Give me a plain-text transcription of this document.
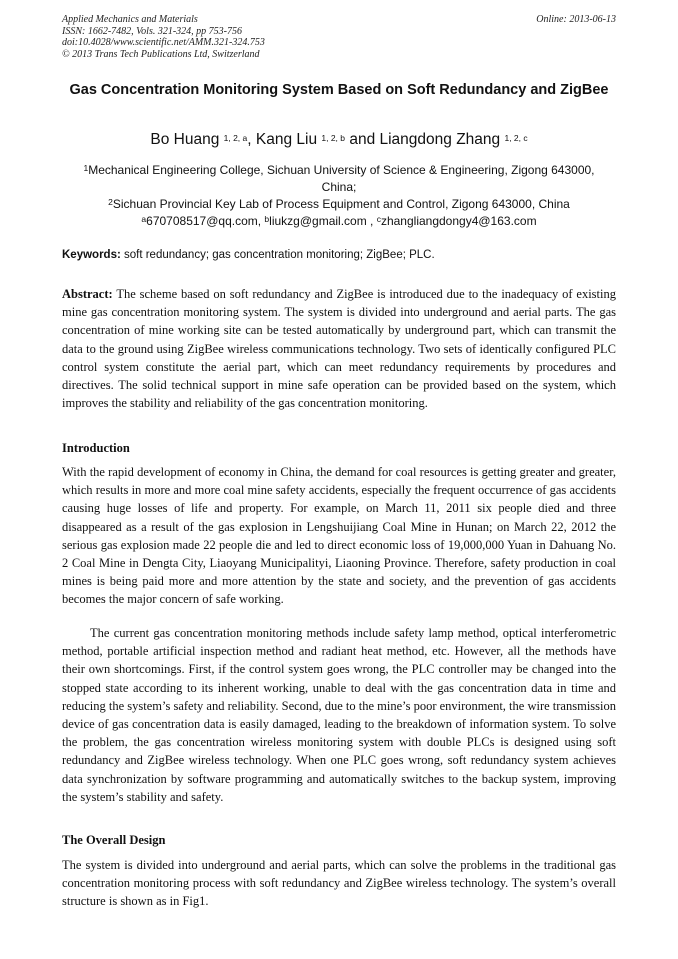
Applied Mechanics and Materials
ISSN: 1662-7482, Vols. 321-324, pp 753-756
doi:10.4028/www.scientific.net/AMM.321-324.753
© 2013 Trans Tech Publications Ltd, Switzerland
Online: 2013-06-13
Gas Concentration Monitoring System Based on Soft Redundancy and ZigBee
Bo Huang $^{1, 2, a}$, Kang Liu $^{1, 2, b}$ and Liangdong Zhang $^{1, 2, c}$
$^1$Mechanical Engineering College, Sichuan University of Science & Engineering, Zigong 643000,
China;
$^2$Sichuan Provincial Key Lab of Process Equipment and Control, Zigong 643000, China
$^a$670708517@qq.com, $^b$liukzg@gmail.com , $^c$zhangliangdongy4@163.com
Keywords: soft redundancy; gas concentration monitoring; ZigBee; PLC.

Abstract: The scheme based on soft redundancy and ZigBee is introduced due to the inadequacy of existing mine gas concentration monitoring system. The system is divided into underground and aerial parts. The gas concentration of mine working site can be tested automatically by underground part, which can transmit the data to the ground using ZigBee wireless communications technology. Two sets of identically configured PLC control system constitute the aerial part, which can meet redundancy requirements by procedures and directives. The solid technical support in mine safe operation can be provided based on the system, which improves the stability and reliability of the gas concentration monitoring.

Introduction

With the rapid development of economy in China, the demand for coal resources is getting greater and greater, which results in more and more coal mine safety accidents, especially the frequent occurrence of gas accidents causing huge losses of life and property. For example, on March 11, 2011 six people died and three disappeared as a result of the gas explosion in Lengshuijiang Coal Mine in Hunan; on March 22, 2012 the serious gas explosion made 22 people die and led to direct economic loss of 19,000,000 Yuan in Dahuang No. 2 Coal Mine in Dengta City, Liaoyang Municipalityi, Liaoning Province. Therefore, safety production in coal mines is being paid more and more attention by the state and society, and the prevention of gas accidents becomes the major concern of safe working.

The current gas concentration monitoring methods include safety lamp method, optical interferometric method, portable artificial inspection method and radiant heat method, etc. However, all the methods have their own shortcomings. First, if the control system goes wrong, the PLC controller may be changed into the stopped state according to its inherent working, unable to deal with the gas concentration data in time and reducing the system’s safety and reliability. Second, due to the mine’s poor environment, the wire transmission device of gas concentration data is easily damaged, leading to the breakdown of information system. To solve the problem, the gas concentration wireless monitoring system with double PLCs is designed using soft redundancy and ZigBee wireless technology. When one PLC goes wrong, soft redundancy system achieves data synchronization by software programming and automatically switches to the backup system, improving the system’s stability and safety.

The Overall Design

The system is divided into underground and aerial parts, which can solve the problems in the traditional gas concentration monitoring process with soft redundancy and ZigBee wireless technology. The system’s overall structure is shown as in Fig1.
